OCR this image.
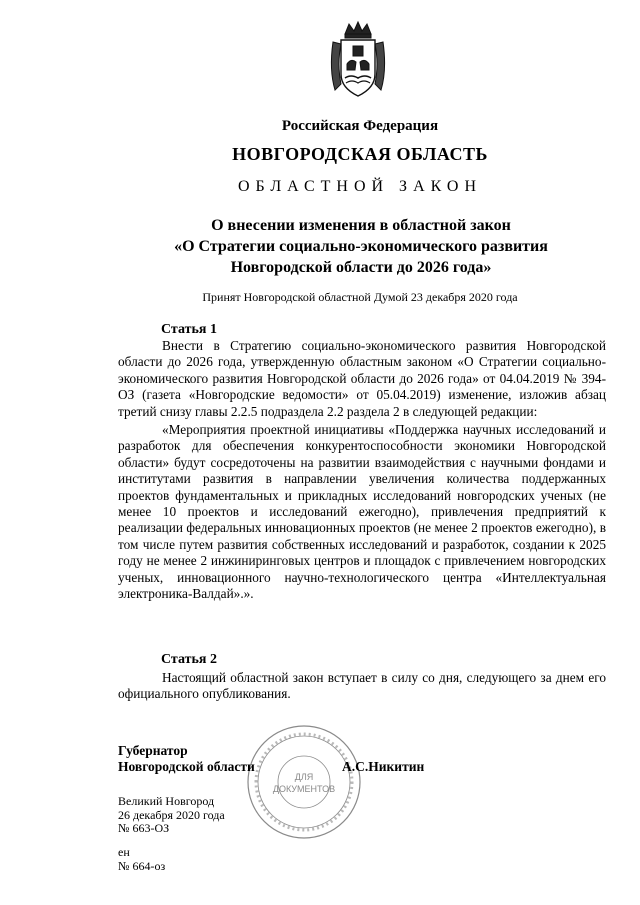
Российская Федерация
НОВГОРОДСКАЯ ОБЛАСТЬ
ОБЛАСТНОЙ ЗАКОН
О внесении изменения в областной закон
«О Стратегии социально-экономического развития
Новгородской области до 2026 года»
Принят Новгородской областной Думой 23 декабря 2020 года
Статья 1

Внести в Стратегию социально-экономического развития Новгородской области до 2026 года, утвержденную областным законом «О Стратегии социально-экономического развития Новгородской области до 2026 года» от 04.04.2019 № 394-ОЗ (газета «Новгородские ведомости» от 05.04.2019) изменение, изложив абзац третий снизу главы 2.2.5 подраздела 2.2 раздела 2 в следующей редакции:

«Мероприятия проектной инициативы «Поддержка научных исследований и разработок для обеспечения конкурентоспособности экономики Новгородской области» будут сосредоточены на развитии взаимодействия с научными фондами и институтами развития в направлении увеличения количества поддержанных проектов фундаментальных и прикладных исследований новгородских ученых (не менее 10 проектов и исследований ежегодно), привлечения предприятий к реализации федеральных инновационных проектов (не менее 2 проектов ежегодно), в том числе путем развития собственных исследований и разработок, создании к 2025 году не менее 2 инжиниринговых центров и площадок с привлечением новгородских ученых, инновационного научно-технологического центра «Интеллектуальная электроника-Валдай».».

Статья 2

Настоящий областной закон вступает в силу со дня, следующего за днем его официального опубликования.

ДЛЯ
ДОКУМЕНТОВ
Губернатор
Новгородской области	А.С.Никитин
Великий Новгород
26 декабря 2020 года
№ 663-ОЗ
ен
№ 664-оз
